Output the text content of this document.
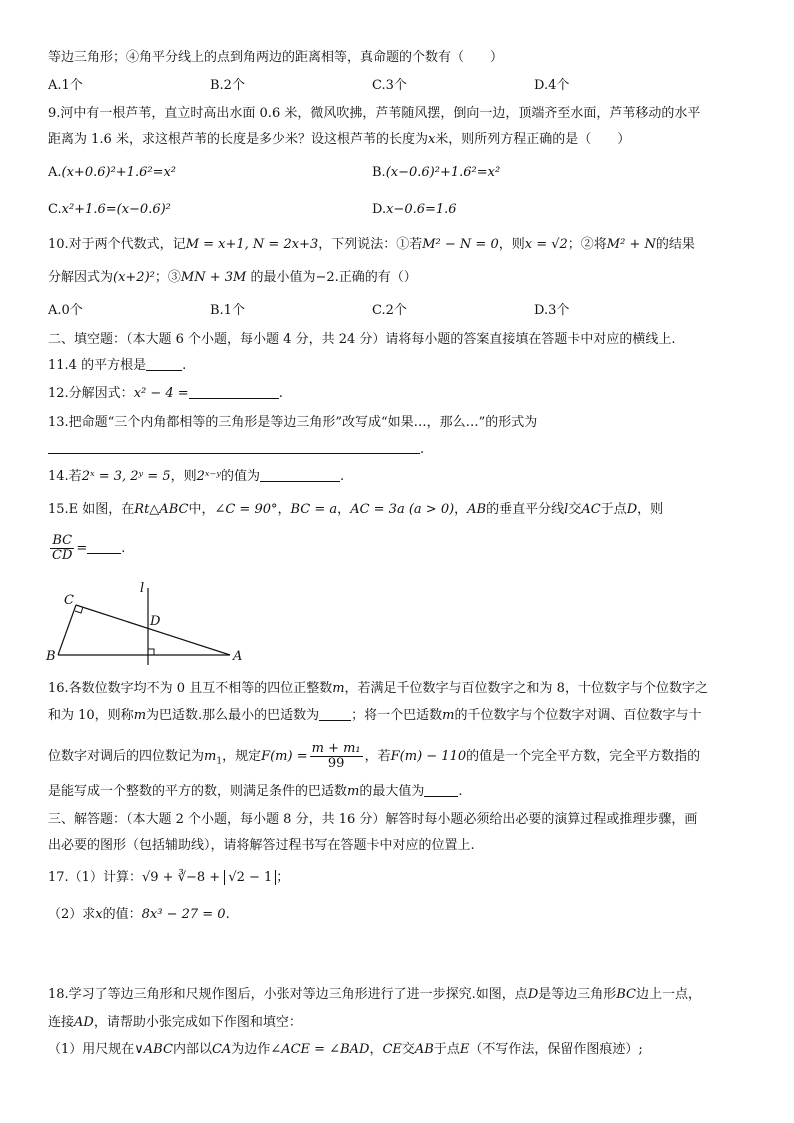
等边三角形；④角平分线上的点到角两边的距离相等，真命题的个数有（　　）
A.1个	B.2个	C.3个	D.4个
9.河中有一根芦苇，直立时高出水面 0.6 米，微风吹拂，芦苇随风摆，倒向一边，顶端齐至水面，芦苇移动的水平
距离为 1.6 米，求这根芦苇的长度是多少米？设这根芦苇的长度为x米，则所列方程正确的是（　　）
A.(x+0.6)²+1.6²=x²	B.(x−0.6)²+1.6²=x²
C.x²+1.6=(x−0.6)²	D.x−0.6=1.6
10.对于两个代数式，记M = x+1, N = 2x+3，下列说法：①若M² − N = 0，则x = √2；②将M² + N的结果
分解因式为(x+2)²；③MN + 3M 的最小值为−2.正确的有（）
A.0个	B.1个	C.2个	D.3个
二、填空题：（本大题 6 个小题，每小题 4 分，共 24 分）请将每小题的答案直接填在答题卡中对应的横线上.
11.4 的平方根是	.
12.分解因式：x² − 4 =	.
13.把命题“三个内角都相等的三角形是等边三角形”改写成“如果…，那么…”的形式为
.
14.若2ˣ = 3, 2ʸ = 5，则2ˣ⁻ʸ的值为	.
15.E 如图，在Rt△ABC中，∠C = 90°，BC = a，AC = 3a (a > 0)，AB的垂直平分线l交AC于点D，则
$\frac{BC}{CD}$ =	.
C
l
D
B	A
16.各数位数字均不为 0 且互不相等的四位正整数m，若满足千位数字与百位数字之和为 8，十位数字与个位数字之
和为 10，则称m为巴适数.那么最小的巴适数为 ；将一个巴适数m的千位数字与个位数字对调、百位数字与十
位数字对调后的四位数记为$m_1$，规定$F(m) = \frac{\text{m + m₁}}{99}$ ，若F(m) − 110的值是一个完全平方数，完全平方数指的
是能写成一个整数的平方的数，则满足条件的巴适数m的最大值为	.
三、解答题：（本大题 2 个小题，每小题 8 分，共 16 分）解答时每小题必须给出必要的演算过程或推理步骤，画
出必要的图形（包括辅助线），请将解答过程书写在答题卡中对应的位置上.
17.（1）计算：√9 + ∛−8 + √2 − 1 ；
（2）求x的值：8x³ − 27 = 0.
18.学习了等边三角形和尺规作图后，小张对等边三角形进行了进一步探究.如图，点D是等边三角形BC边上一点，
连接AD，请帮助小张完成如下作图和填空：
（1）用尺规在∨ABC内部以CA为边作∠ACE = ∠BAD，CE交AB于点E（不写作法，保留作图痕迹）;
